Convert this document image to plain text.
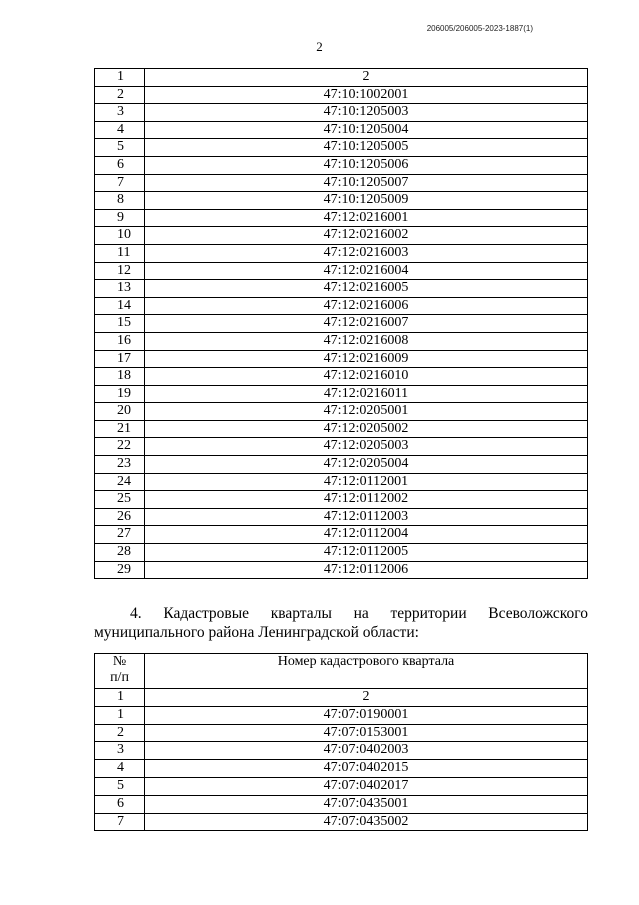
206005/206005-2023-1887(1)
2
1	2
2	47:10:1002001
3	47:10:1205003
4	47:10:1205004
5	47:10:1205005
6	47:10:1205006
7	47:10:1205007
8	47:10:1205009
9	47:12:0216001
10	47:12:0216002
11	47:12:0216003
12	47:12:0216004
13	47:12:0216005
14	47:12:0216006
15	47:12:0216007
16	47:12:0216008
17	47:12:0216009
18	47:12:0216010
19	47:12:0216011
20	47:12:0205001
21	47:12:0205002
22	47:12:0205003
23	47:12:0205004
24	47:12:0112001
25	47:12:0112002
26	47:12:0112003
27	47:12:0112004
28	47:12:0112005
29	47:12:0112006
4. Кадастровые кварталы на территории Всеволожского
муниципального района Ленинградской области:
№
п/п	Номер кадастрового квартала
1	2
1	47:07:0190001
2	47:07:0153001
3	47:07:0402003
4	47:07:0402015
5	47:07:0402017
6	47:07:0435001
7	47:07:0435002
